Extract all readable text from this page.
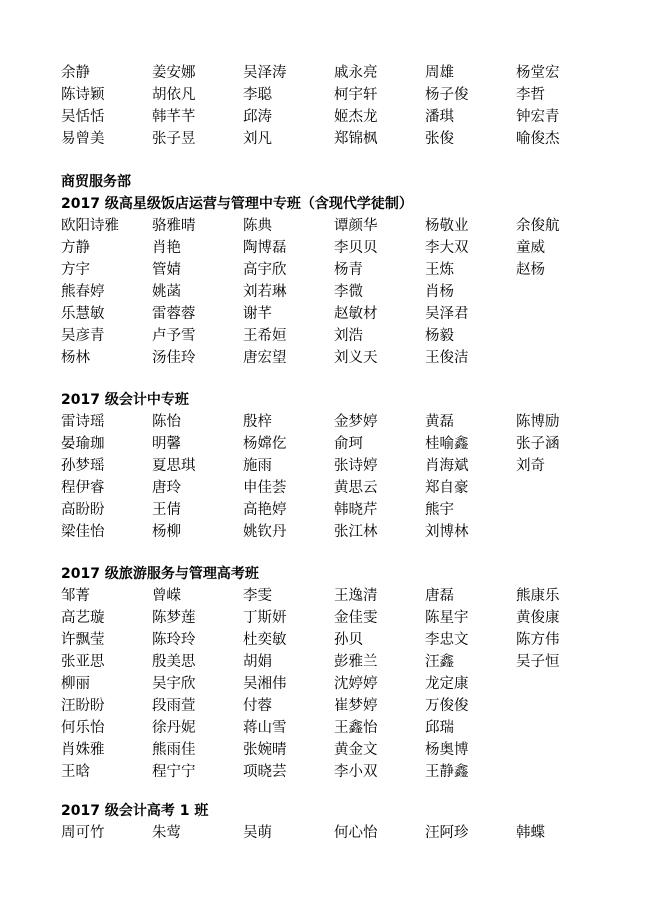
余静	姜安娜	吴泽涛	戚永亮	周雄	杨堂宏
陈诗颖	胡依凡	李聪	柯宇轩	杨子俊	李哲
吴恬恬	韩芊芊	邱涛	姬杰龙	潘琪	钟宏青
易曾美	张子昱	刘凡	郑锦枫	张俊	喻俊杰
商贸服务部
2017 级高星级饭店运营与管理中专班（含现代学徒制）
欧阳诗雅 骆雅晴	陈典	谭颜华	杨敬业	余俊航
方静	肖艳	陶博磊	李贝贝	李大双	童威
方宇	管婧	高宇欣	杨青	王炼	赵杨
熊春婷	姚菡	刘若琳	李微	肖杨
乐慧敏	雷蓉蓉	谢芊	赵敏材	吴泽君
吴彦青	卢予雪	王希姮	刘浩	杨毅
杨林	汤佳玲	唐宏望	刘义天	王俊洁
2017 级会计中专班
雷诗瑶	陈怡	殷梓	金梦婷	黄磊	陈博励
晏瑜珈	明馨	杨嫦仡	俞珂	桂喻鑫	张子涵
孙梦瑶	夏思琪	施雨	张诗婷	肖海斌	刘奇
程伊睿	唐玲	申佳荟	黄思云	郑自豪
高盼盼	王倩	高艳婷	韩晓芹	熊宇
梁佳怡	杨柳	姚钦丹	张江林	刘博林
2017 级旅游服务与管理高考班
邹菁	曾嵘	李雯	王逸清	唐磊	熊康乐
高艺璇	陈梦莲	丁斯妍	金佳雯	陈星宇	黄俊康
许飘莹	陈玲玲	杜奕敏	孙贝	李忠文	陈方伟
张亚思	殷美思	胡娟	彭雅兰	汪鑫	吴子恒
柳丽	吴宇欣	吴湘伟	沈婷婷	龙定康
汪盼盼	段雨萱	付蓉	崔梦婷	万俊俊
何乐怡	徐丹妮	蒋山雪	王鑫怡	邱瑞
肖姝雅	熊雨佳	张婉晴	黄金文	杨奥博
王晗	程宁宁	项晓芸	李小双	王静鑫
2017 级会计高考 1 班
周可竹	朱莺	吴萌	何心怡	汪阿珍	韩蝶
